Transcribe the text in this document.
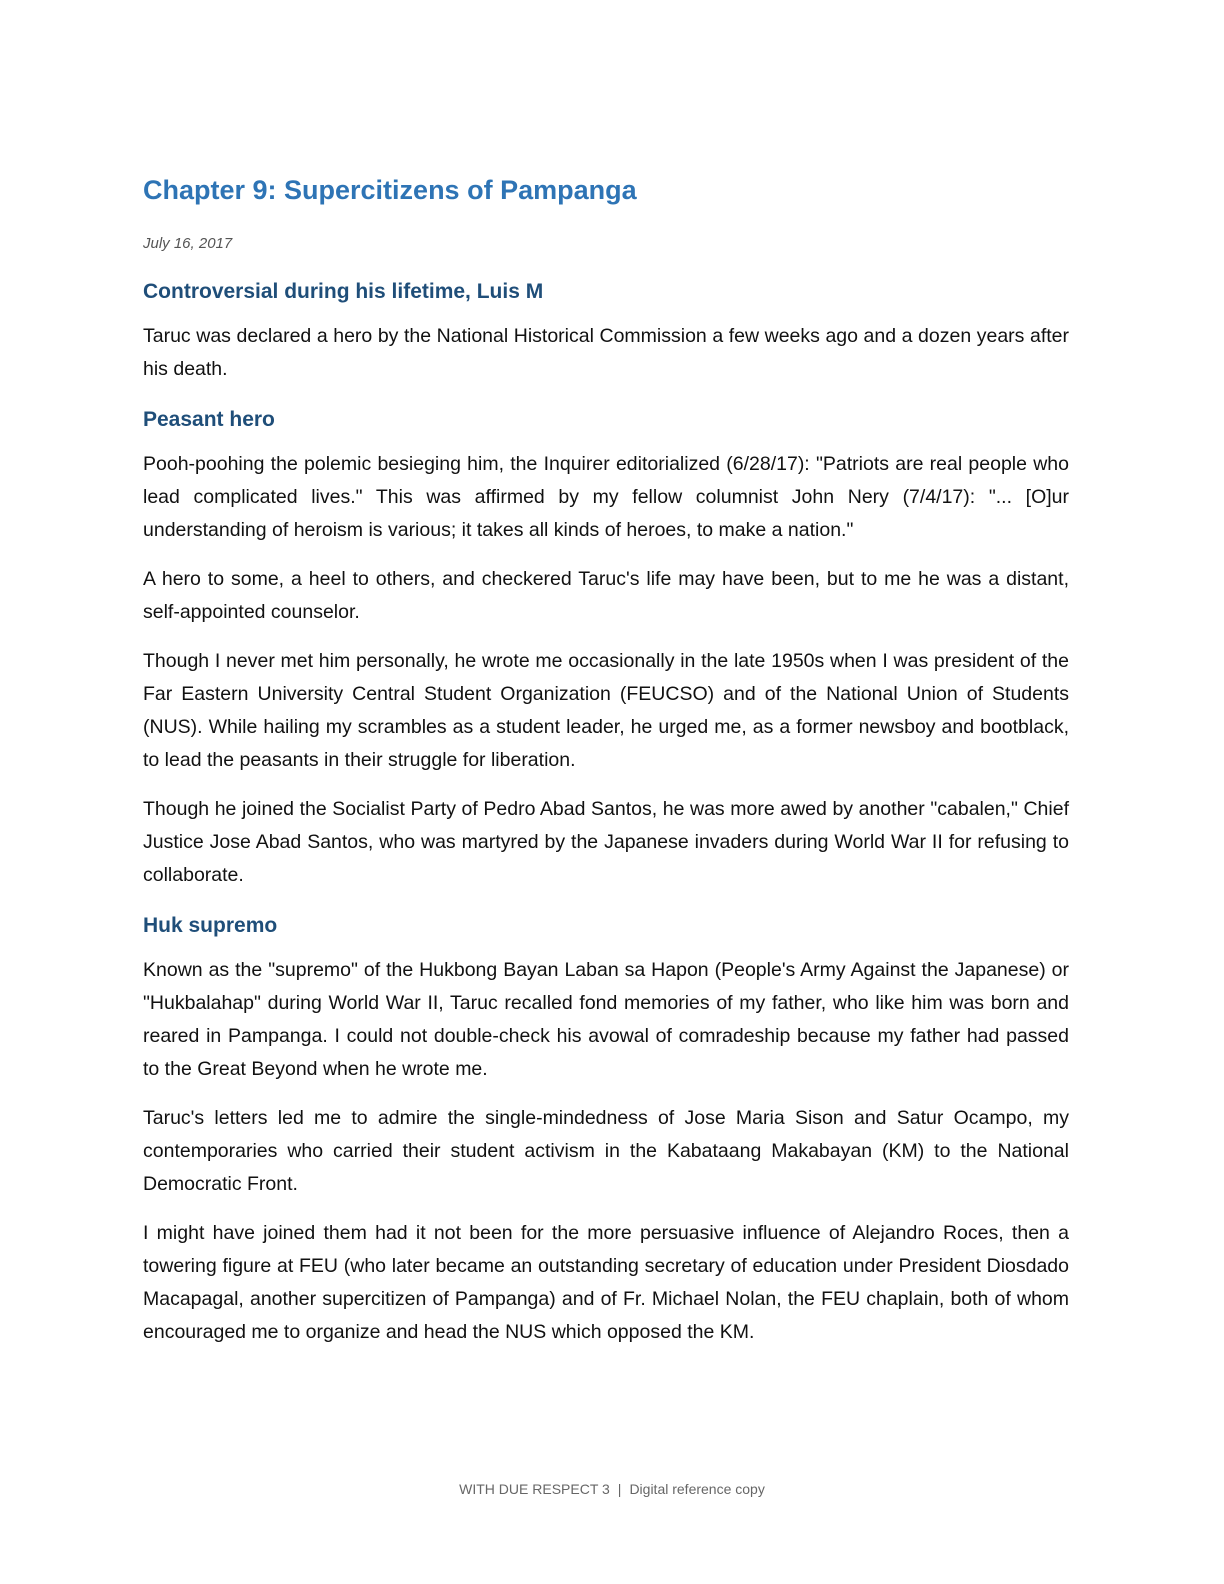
Chapter 9: Supercitizens of Pampanga
July 16, 2017
Controversial during his lifetime, Luis M

Taruc was declared a hero by the National Historical Commission a few weeks ago and a dozen years after his death.

Peasant hero

Pooh-poohing the polemic besieging him, the Inquirer editorialized (6/28/17): "Patriots are real people who lead complicated lives." This was affirmed by my fellow columnist John Nery (7/4/17): "... [O]ur understanding of heroism is various; it takes all kinds of heroes, to make a nation."

A hero to some, a heel to others, and checkered Taruc's life may have been, but to me he was a distant, self-appointed counselor.

Though I never met him personally, he wrote me occasionally in the late 1950s when I was president of the Far Eastern University Central Student Organization (FEUCSO) and of the National Union of Students (NUS). While hailing my scrambles as a student leader, he urged me, as a former newsboy and bootblack, to lead the peasants in their struggle for liberation.

Though he joined the Socialist Party of Pedro Abad Santos, he was more awed by another "cabalen," Chief Justice Jose Abad Santos, who was martyred by the Japanese invaders during World War II for refusing to collaborate.

Huk supremo

Known as the "supremo" of the Hukbong Bayan Laban sa Hapon (People's Army Against the Japanese) or "Hukbalahap" during World War II, Taruc recalled fond memories of my father, who like him was born and reared in Pampanga. I could not double-check his avowal of comradeship because my father had passed to the Great Beyond when he wrote me.

Taruc's letters led me to admire the single-mindedness of Jose Maria Sison and Satur Ocampo, my contemporaries who carried their student activism in the Kabataang Makabayan (KM) to the National Democratic Front.

I might have joined them had it not been for the more persuasive influence of Alejandro Roces, then a towering figure at FEU (who later became an outstanding secretary of education under President Diosdado Macapagal, another supercitizen of Pampanga) and of Fr. Michael Nolan, the FEU chaplain, both of whom encouraged me to organize and head the NUS which opposed the KM.

WITH DUE RESPECT 3 | Digital reference copy
